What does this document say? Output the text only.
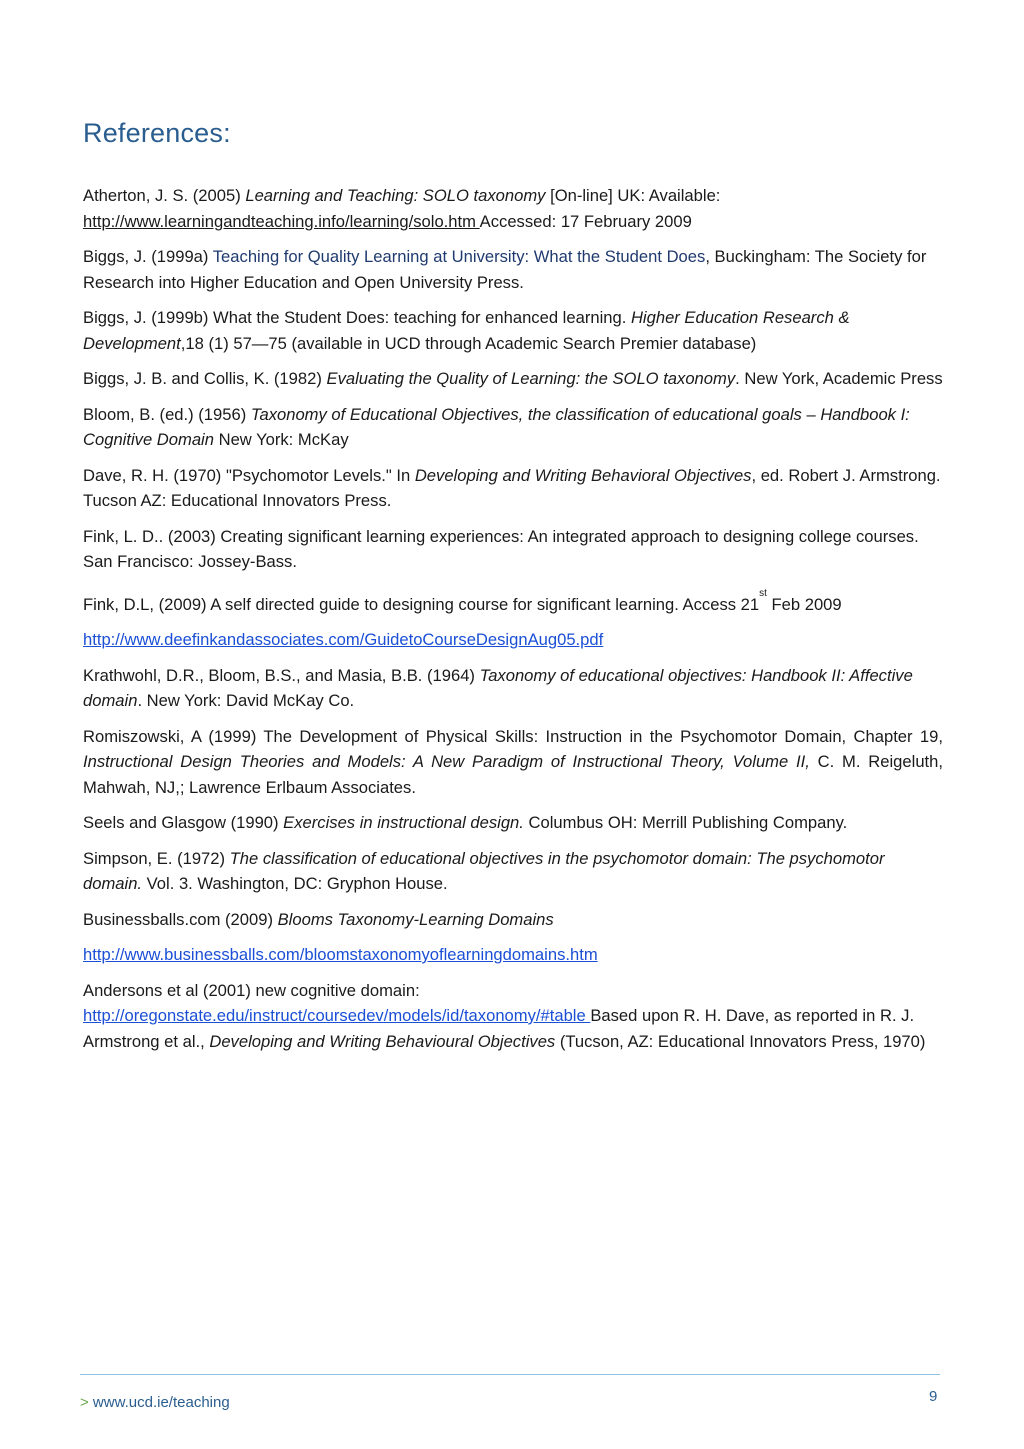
References:

Atherton, J. S. (2005) Learning and Teaching: SOLO taxonomy [On-line] UK: Available:
http://www.learningandteaching.info/learning/solo.htm Accessed: 17 February 2009

Biggs, J. (1999a) Teaching for Quality Learning at University: What the Student Does, Buckingham: The Society for Research into Higher Education and Open University Press.

Biggs, J. (1999b) What the Student Does: teaching for enhanced learning. Higher Education Research & Development,18 (1) 57—75 (available in UCD through Academic Search Premier database)

Biggs, J. B. and Collis, K. (1982) Evaluating the Quality of Learning: the SOLO taxonomy. New York, Academic Press

Bloom, B. (ed.) (1956) Taxonomy of Educational Objectives, the classification of educational goals – Handbook I: Cognitive Domain New York: McKay

Dave, R. H. (1970) "Psychomotor Levels." In Developing and Writing Behavioral Objectives, ed. Robert J. Armstrong. Tucson AZ: Educational Innovators Press.

Fink, L. D.. (2003) Creating significant learning experiences: An integrated approach to designing college courses. San Francisco: Jossey-Bass.

Fink, D.L, (2009) A self directed guide to designing course for significant learning. Access 21st Feb 2009

http://www.deefinkandassociates.com/GuidetoCourseDesignAug05.pdf

Krathwohl, D.R., Bloom, B.S., and Masia, B.B. (1964) Taxonomy of educational objectives: Handbook II: Affective domain. New York: David McKay Co.

Romiszowski, A (1999) The Development of Physical Skills: Instruction in the Psychomotor Domain, Chapter 19, Instructional Design Theories and Models: A New Paradigm of Instructional Theory, Volume II, C. M. Reigeluth, Mahwah, NJ,; Lawrence Erlbaum Associates.

Seels and Glasgow (1990) Exercises in instructional design. Columbus OH: Merrill Publishing Company.

Simpson, E. (1972) The classification of educational objectives in the psychomotor domain: The psychomotor domain. Vol. 3. Washington, DC: Gryphon House.

Businessballs.com (2009) Blooms Taxonomy-Learning Domains

http://www.businessballs.com/bloomstaxonomyoflearningdomains.htm

Andersons et al (2001) new cognitive domain:
http://oregonstate.edu/instruct/coursedev/models/id/taxonomy/#table Based upon R. H. Dave, as reported in R. J. Armstrong et al., Developing and Writing Behavioural Objectives (Tucson, AZ: Educational Innovators Press, 1970)

> www.ucd.ie/teaching	9
